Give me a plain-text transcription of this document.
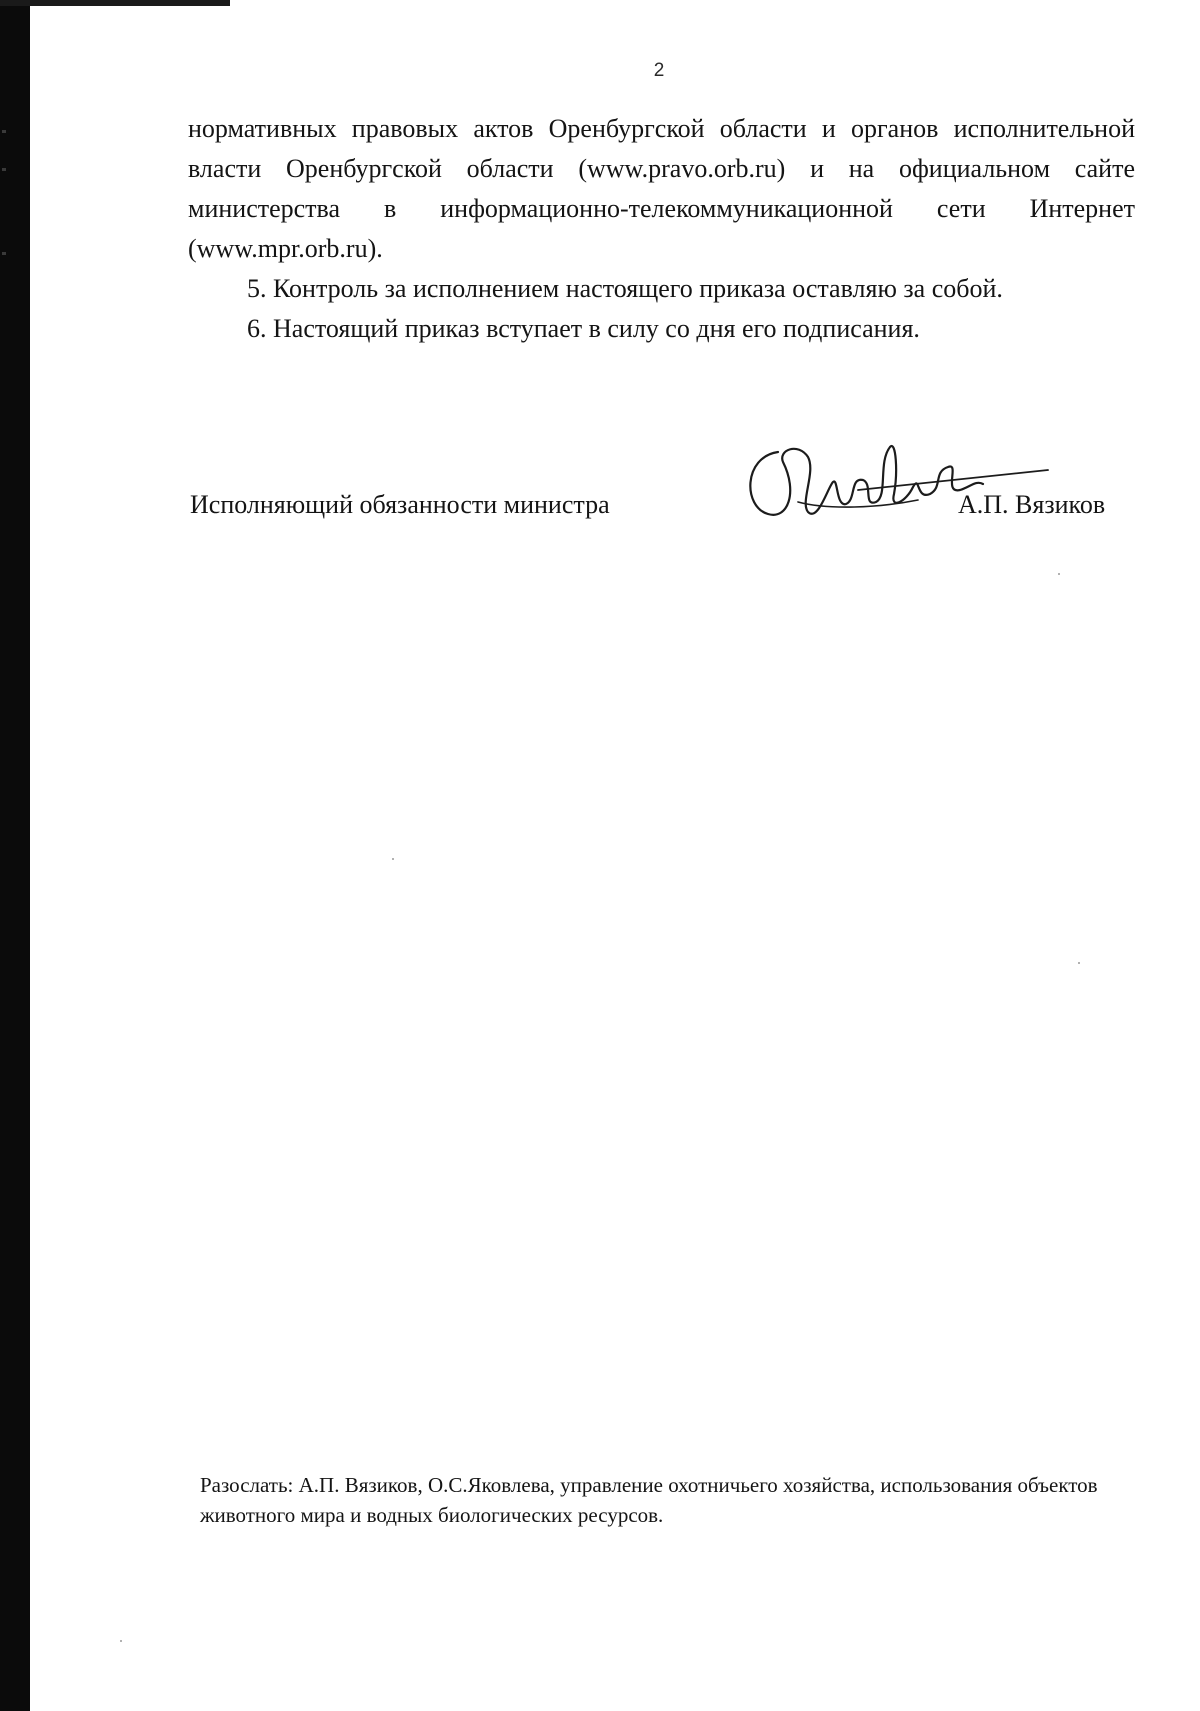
2

нормативных правовых актов Оренбургской области и органов исполнительной власти Оренбургской области (www.pravo.orb.ru) и на официальном сайте министерства в информационно-телекоммуникационной сети Интернет (www.mpr.orb.ru).

5. Контроль за исполнением настоящего приказа оставляю за собой.

6. Настоящий приказ вступает в силу со дня его подписания.

Исполняющий обязанности министра	А.П. Вязиков
Разослать: А.П. Вязиков, О.С.Яковлева, управление охотничьего хозяйства, использования объектов животного мира и водных биологических ресурсов.
